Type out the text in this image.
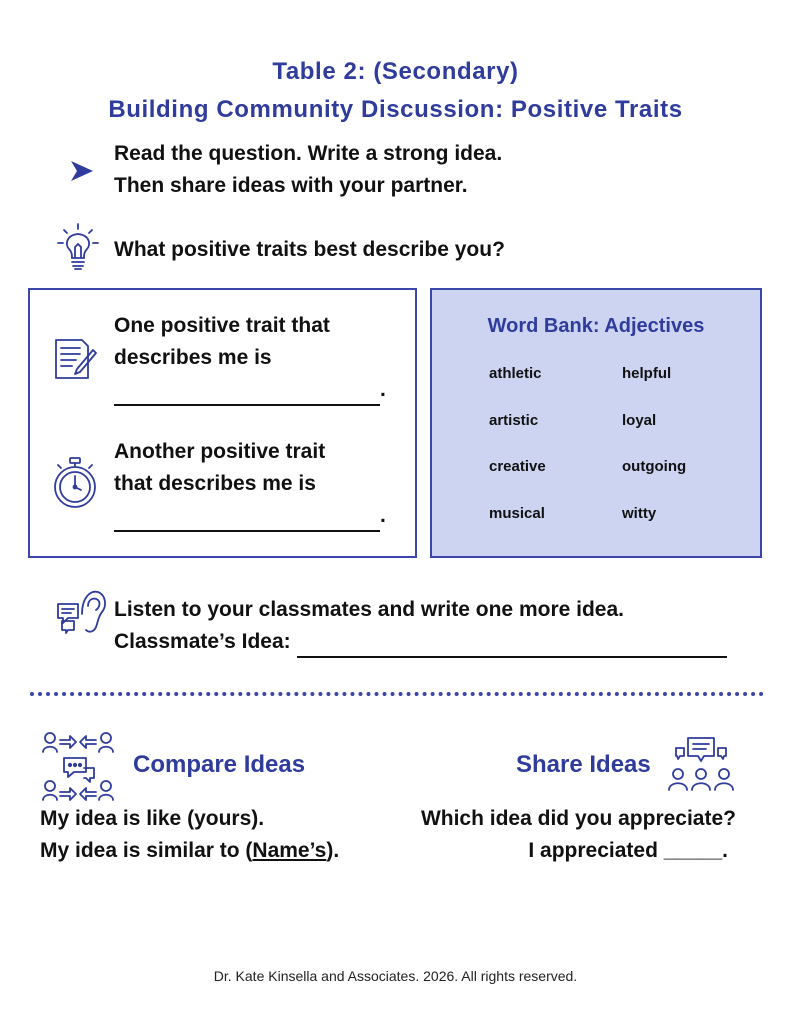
Table 2: (Secondary)
Building Community Discussion: Positive Traits
Read the question. Write a strong idea.
Then share ideas with your partner.
What positive traits best describe you?
One positive trait that
describes me is
.
Another positive trait
that describes me is
.
Word Bank: Adjectives
athletic
artistic
creative
musical
helpful
loyal
outgoing
witty
Listen to your classmates and write one more idea.
Classmate’s Idea:
Compare Ideas
My idea is like (yours).
My idea is similar to (Name’s).
Share Ideas
Which idea did you appreciate?
I appreciated _____.
Dr. Kate Kinsella and Associates. 2026. All rights reserved.
